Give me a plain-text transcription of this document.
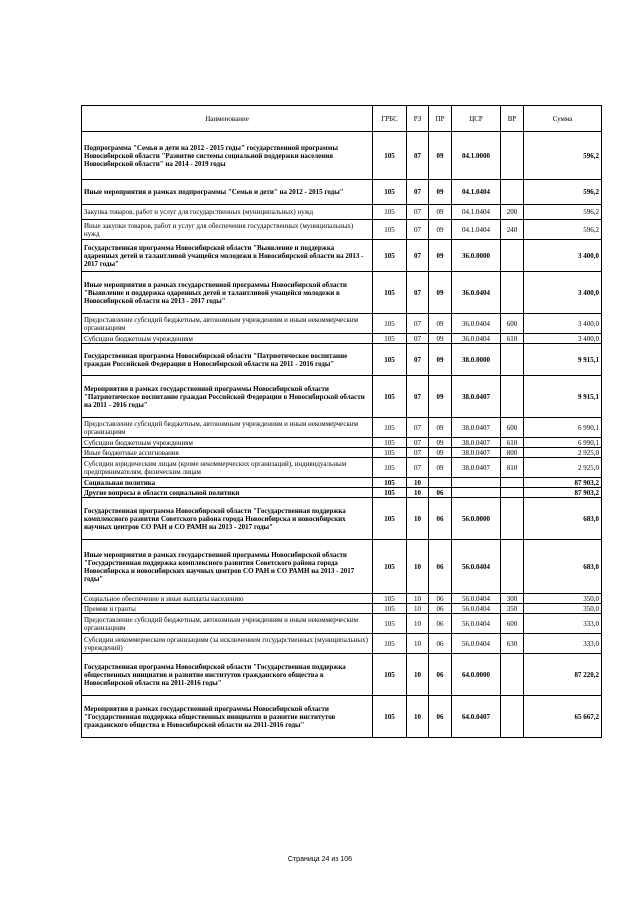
Наименование	ГРБС	РЗ	ПР	ЦСР	ВР	Сумма
Подпрограмма "Семья и дети на 2012 - 2015 годы" государственной программы Новосибирской области "Развитие системы социальной поддержки населения Новосибирской области" на 2014 - 2019 годы	105	07	09	04.1.0000		596,2
Иные мероприятия в рамках подпрограммы "Семья и дети" на 2012 - 2015 годы"	105	07	09	04.1.0404		596,2
Закупка товаров, работ и услуг для государственных (муниципальных) нужд	105	07	09	04.1.0404	200	596,2
Иные закупки товаров, работ и услуг для обеспечения государственных (муниципальных) нужд	105	07	09	04.1.0404	240	596,2
Государственная программа Новосибирской области "Выявление и поддержка одаренных детей и талантливой учащейся молодежи в Новосибирской области на 2013 - 2017 годы"	105	07	09	36.0.0000		3 400,0
Иные мероприятия в рамках государственной программы Новосибирской области "Выявление и поддержка одаренных детей и талантливой учащейся молодежи в Новосибирской области на 2013 - 2017 годы"	105	07	09	36.0.0404		3 400,0
Предоставление субсидий бюджетным, автономным учреждениям и иным некоммерческим организациям	105	07	09	36.0.0404	600	3 400,0
Субсидии бюджетным учреждениям	105	07	09	36.0.0404	610	3 400,0
Государственная программа Новосибирской области "Патриотическое воспитание граждан Российской Федерации в Новосибирской области на 2011 - 2016 годы"	105	07	09	38.0.0000		9 915,1
Мероприятия в рамках государственной программы Новосибирской области "Патриотическое воспитание граждан Российской Федерации в Новосибирской области на 2011 - 2016 годы"	105	07	09	38.0.0407		9 915,1
Предоставление субсидий бюджетным, автономным учреждениям и иным некоммерческим организациям	105	07	09	38.0.0407	600	6 990,1
Субсидии бюджетным учреждениям	105	07	09	38.0.0407	610	6 990,1
Иные бюджетные ассигнования	105	07	09	38.0.0407	800	2 925,0
Субсидии юридическим лицам (кроме некоммерческих организаций), индивидуальным предпринимателям, физическим лицам	105	07	09	38.0.0407	810	2 925,0
Социальная политика	105	10				87 903,2
Другие вопросы в области социальной политики	105	10	06			87 903,2
Государственная программа Новосибирской области "Государственная поддержка комплексного развития Советского района города Новосибирска и новосибирских научных центров СО РАН и СО РАМН на 2013 - 2017 годы"	105	10	06	56.0.0000		683,0
Иные мероприятия в рамках государственной программы Новосибирской области "Государственная поддержка комплексного развития Советского района города Новосибирска и новосибирских научных центров СО РАН и СО РАМН на 2013 - 2017 годы"	105	10	06	56.0.0404		683,0
Социальное обеспечение и иные выплаты населению	105	10	06	56.0.0404	300	350,0
Премии и гранты	105	10	06	56.0.0404	350	350,0
Предоставление субсидий бюджетным, автономным учреждениям и иным некоммерческим организациям	105	10	06	56.0.0404	600	333,0
Субсидии некоммерческим организациям (за исключением государственных (муниципальных) учреждений)	105	10	06	56.0.0404	630	333,0
Государственная программа Новосибирской области "Государственная поддержка общественных инициатив и развитие институтов гражданского общества в Новосибирской области на 2011-2016 годы"	105	10	06	64.0.0000		87 220,2
Мероприятия в рамках государственной программы Новосибирской области "Государственная поддержка общественных инициатив и развитие институтов гражданского общества в Новосибирской области на 2011-2016 годы"	105	10	06	64.0.0407		65 667,2
Страница 24 из 106
